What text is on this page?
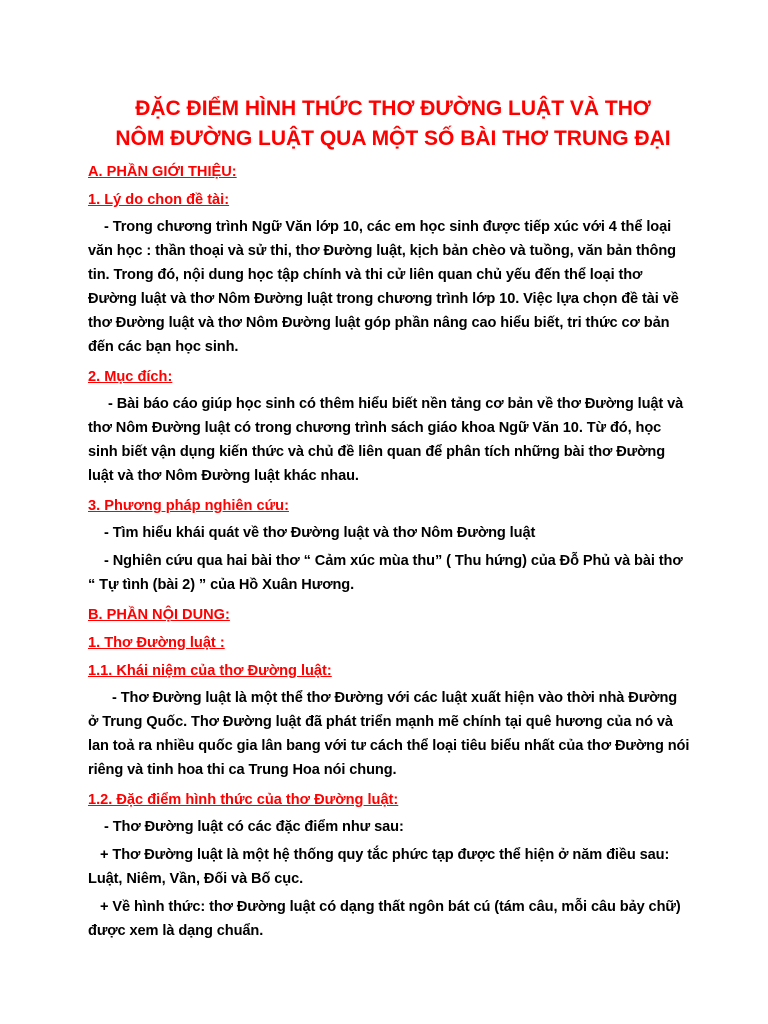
ĐẶC ĐIỂM HÌNH THỨC THƠ ĐƯỜNG LUẬT VÀ THƠ
NÔM ĐƯỜNG LUẬT QUA MỘT SỐ BÀI THƠ TRUNG ĐẠI
A. PHẦN GIỚI THIỆU:
1. Lý do chon đề tài:

- Trong chương trình Ngữ Văn lớp 10, các em học sinh được tiếp xúc với 4 thể loại văn học : thần thoại và sử thi, thơ Đường luật, kịch bản chèo và tuồng, văn bản thông tin. Trong đó, nội dung học tập chính và thi cử liên quan chủ yếu đến thể loại thơ Đường luật và thơ Nôm Đường luật trong chương trình lớp 10. Việc lựa chọn đề tài về thơ Đường luật và thơ Nôm Đường luật góp phần nâng cao hiểu biết, tri thức cơ bản đến các bạn học sinh.

2. Mục đích:

- Bài báo cáo giúp học sinh có thêm hiểu biết nền tảng cơ bản về thơ Đường luật và thơ Nôm Đường luật có trong chương trình sách giáo khoa Ngữ Văn 10. Từ đó, học sinh biết vận dụng kiến thức và chủ đề liên quan để phân tích những bài thơ Đường luật và thơ Nôm Đường luật khác nhau.

3. Phương pháp nghiên cứu:

- Tìm hiểu khái quát về thơ Đường luật và thơ Nôm Đường luật

- Nghiên cứu qua hai bài thơ “ Cảm xúc mùa thu” ( Thu hứng) của Đỗ Phủ và bài thơ “ Tự tình (bài 2) ” của Hồ Xuân Hương.

B. PHẦN NỘI DUNG:
1. Thơ Đường luật :
1.1. Khái niệm của thơ Đường luật:

- Thơ Đường luật là một thể thơ Đường với các luật xuất hiện vào thời nhà Đường ở Trung Quốc. Thơ Đường luật đã phát triển mạnh mẽ chính tại quê hương của nó và lan toả ra nhiều quốc gia lân bang với tư cách thể loại tiêu biểu nhất của thơ Đường nói riêng và tinh hoa thi ca Trung Hoa nói chung.

1.2. Đặc điểm hình thức của thơ Đường luật:

- Thơ Đường luật có các đặc điểm như sau:

+ Thơ Đường luật là một hệ thống quy tắc phức tạp được thể hiện ở năm điều sau: Luật, Niêm, Vần, Đối và Bố cục.

+ Về hình thức: thơ Đường luật có dạng thất ngôn bát cú (tám câu, mỗi câu bảy chữ) được xem là dạng chuẩn.
